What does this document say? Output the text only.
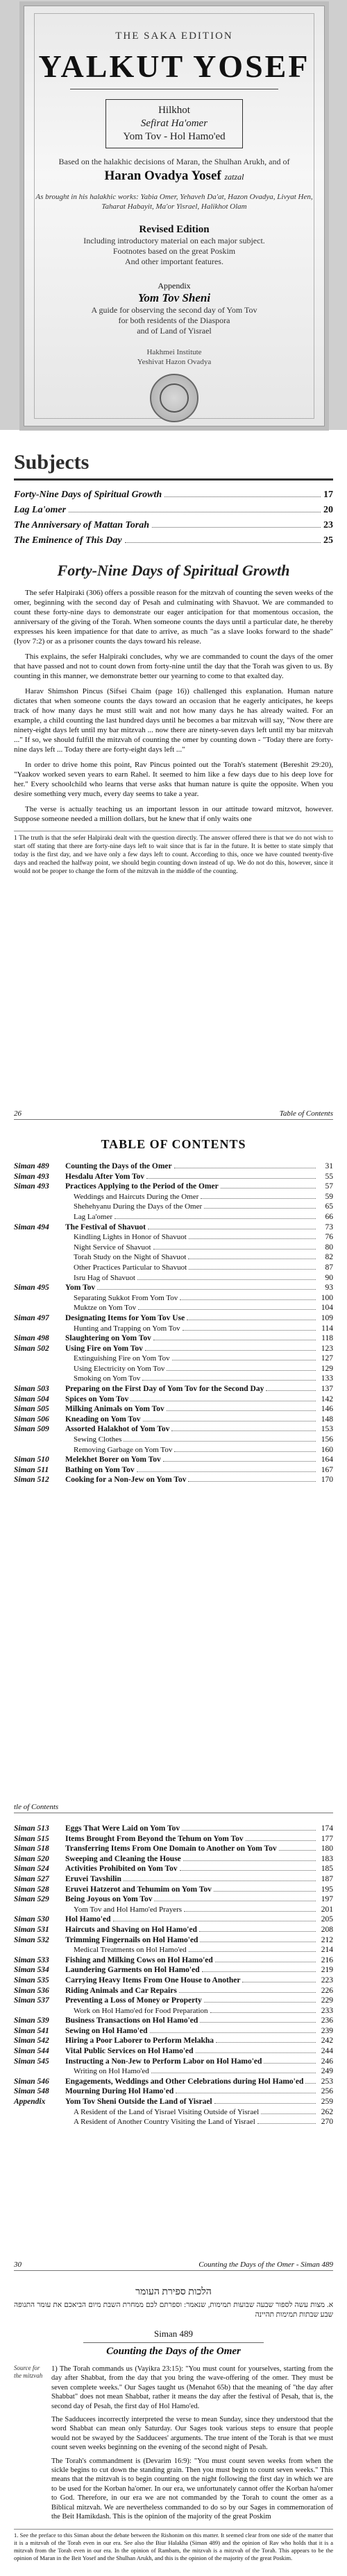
THE SAKA EDITION
YALKUT YOSEF
Hilkhot
Sefirat Ha'omer
Yom Tov - Hol Hamo'ed
Based on the halakhic decisions of Maran, the Shulhan Arukh, and of
Haran Ovadya Yosef zatzal
As brought in his halakhic works: Yabia Omer, Yehaveh Da'at, Hazon Ovadya, Livyat Hen, Taharat Habayit, Ma'or Yisrael, Halikhot Olam
Revised Edition
Including introductory material on each major subject.
Footnotes based on the great Poskim
And other important features.
Appendix
Yom Tov Sheni
A guide for observing the second day of Yom Tov
for both residents of the Diaspora
and of Land of Yisrael
Hakhmei Institute
Yeshivat Hazon Ovadya
Subjects
Forty-Nine Days of Spiritual Growth	17
Lag La'omer	20
The Anniversary of Mattan Torah	23
The Eminence of This Day	25
Forty-Nine Days of Spiritual Growth

The sefer Halpiraki (306) offers a possible reason for the mitzvah of counting the seven weeks of the omer, beginning with the second day of Pesah and culminating with Shavuot. We are commanded to count these forty-nine days to demonstrate our eager anticipation for that momentous occasion, the anniversary of the giving of the Torah. When someone counts the days until a particular date, he thereby expresses his keen impatience for that date to arrive, as much "as a slave looks forward to the shade" (Iyov 7:2) or as a prisoner counts the days toward his release.

This explains, the sefer Halpiraki concludes, why we are commanded to count the days of the omer that have passed and not to count down from forty-nine until the day that the Torah was given to us. By counting in this manner, we demonstrate better our yearning to come to that exalted day.

Harav Shimshon Pincus (Sifsei Chaim (page 16)) challenged this explanation. Human nature dictates that when someone counts the days toward an occasion that he eagerly anticipates, he keeps track of how many days he must still wait and not how many days he has already waited. For an example, a child counting the last hundred days until he becomes a bar mitzvah will say, "Now there are ninety-eight days left until my bar mitzvah ... now there are ninety-seven days left until my bar mitzvah ..." If so, we should fulfill the mitzvah of counting the omer by counting down - "Today there are forty-nine days left ... Today there are forty-eight days left ..."

In order to drive home this point, Rav Pincus pointed out the Torah's statement (Bereshit 29:20), "Yaakov worked seven years to earn Rahel. It seemed to him like a few days due to his deep love for her." Every schoolchild who learns that verse asks that human nature is quite the opposite. When you desire something very much, every day seems to take a year.

The verse is actually teaching us an important lesson in our attitude toward mitzvot, however. Suppose someone needed a million dollars, but he knew that if only waits one

1 The truth is that the sefer Halpiraki dealt with the question directly. The answer offered there is that we do not wish to start off stating that there are forty-nine days left to wait since that is far in the future. It is better to state simply that today is the first day, and we have only a few days left to count. According to this, once we have counted twenty-five days and reached the halfway point, we should begin counting down instead of up. We do not do this, however, since it would not be proper to change the form of the mitzvah in the middle of the counting.

26	Table of Contents
TABLE OF CONTENTS
Siman 489	Counting the Days of the Omer	31
Siman 493	Hesdalu After Yom Tov	55
Siman 493	Practices Applying to the Period of the Omer	57
Weddings and Haircuts During the Omer	59
Shehehyanu During the Days of the Omer	65
Lag La'omer	66
Siman 494	The Festival of Shavuot	73
Kindling Lights in Honor of Shavuot	76
Night Service of Shavuot	80
Torah Study on the Night of Shavuot	82
Other Practices Particular to Shavuot	87
Isru Hag of Shavuot	90
Siman 495	Yom Tov	93
Separating Sukkot From Yom Tov	100
Muktze on Yom Tov	104
Siman 497	Designating Items for Yom Tov Use	109
Hunting and Trapping on Yom Tov	114
Siman 498	Slaughtering on Yom Tov	118
Siman 502	Using Fire on Yom Tov	123
Extinguishing Fire on Yom Tov	127
Using Electricity on Yom Tov	129
Smoking on Yom Tov	133
Siman 503	Preparing on the First Day of Yom Tov for the Second Day	137
Siman 504	Spices on Yom Tov	142
Siman 505	Milking Animals on Yom Tov	146
Siman 506	Kneading on Yom Tov	148
Siman 509	Assorted Halakhot of Yom Tov	153
Sewing Clothes	156
Removing Garbage on Yom Tov	160
Siman 510	Melekhet Borer on Yom Tov	164
Siman 511	Bathing on Yom Tov	167
Siman 512	Cooking for a Non-Jew on Yom Tov	170
tle of Contents
Siman 513	Eggs That Were Laid on Yom Tov	174
Siman 515	Items Brought From Beyond the Tehum on Yom Tov	177
Siman 518	Transferring Items From One Domain to Another on Yom Tov	180
Siman 520	Sweeping and Cleaning the House	183
Siman 524	Activities Prohibited on Yom Tov	185
Siman 527	Eruvei Tavshilin	187
Siman 528	Eruvei Hatzerot and Tehumim on Yom Tov	195
Siman 529	Being Joyous on Yom Tov	197
Yom Tov and Hol Hamo'ed Prayers	201
Siman 530	Hol Hamo'ed	205
Siman 531	Haircuts and Shaving on Hol Hamo'ed	208
Siman 532	Trimming Fingernails on Hol Hamo'ed	212
Medical Treatments on Hol Hamo'ed	214
Siman 533	Fishing and Milking Cows on Hol Hamo'ed	216
Siman 534	Laundering Garments on Hol Hamo'ed	219
Siman 535	Carrying Heavy Items From One House to Another	223
Siman 536	Riding Animals and Car Repairs	226
Siman 537	Preventing a Loss of Money or Property	229
Work on Hol Hamo'ed for Food Preparation	233
Siman 539	Business Transactions on Hol Hamo'ed	236
Siman 541	Sewing on Hol Hamo'ed	239
Siman 542	Hiring a Poor Laborer to Perform Melakha	242
Siman 544	Vital Public Services on Hol Hamo'ed	244
Siman 545	Instructing a Non-Jew to Perform Labor on Hol Hamo'ed	246
Writing on Hol Hamo'ed	249
Siman 546	Engagements, Weddings and Other Celebrations during Hol Hamo'ed	253
Siman 548	Mourning During Hol Hamo'ed	256
Appendix	Yom Tov Sheni Outside the Land of Yisrael	259
A Resident of the Land of Yisrael Visiting Outside of Yisrael	262
A Resident of Another Country Visiting the Land of Yisrael	270
30	Counting the Days of the Omer - Siman 489
הלכות ספירת העומר
א. מצות עשה לספור שבעה שבועות תמימות, שנאמר: וספרתם לכם ממחרת השבת מיום הביאכם את עומר התנופה שבע שבתות תמימות תהיינה
Siman 489
Counting the Days of the Omer
Source for the mitzvah

1) The Torah commands us (Vayikra 23:15): "You must count for yourselves, starting from the day after Shabbat, from the day that you bring the wave-offering of the omer. They must be seven complete weeks." Our Sages taught us (Menahot 65b) that the meaning of "the day after Shabbat" does not mean Shabbat, rather it means the day after the festival of Pesah, that is, the second day of Pesah, the first day of Hol Hamo'ed.

The Sadducees incorrectly interpreted the verse to mean Sunday, since they understood that the word Shabbat can mean only Saturday. Our Sages took various steps to ensure that people would not be swayed by the Sadducees' arguments. The true intent of the Torah is that we must count seven weeks beginning on the evening of the second night of Pesah.

The Torah's commandment is (Devarim 16:9): "You must count seven weeks from when the sickle begins to cut down the standing grain. Then you must begin to count seven weeks." This means that the mitzvah is to begin counting on the night following the first day in which we are to be used for the Korban ha'omer. In our era, we unfortunately cannot offer the Korban ha'omer to God. Therefore, in our era we are not commanded by the Torah to count the omer as a Biblical mitzvah. We are nevertheless commanded to do so by our Sages in commemoration of the Beit Hamikdash. This is the opinion of the majority of the great Poskim

1. See the preface to this Siman about the debate between the Rishonim on this matter. It seemed clear from one side of the matter that it is a mitzvah of the Torah even in our era. See also the Biur Halakha (Siman 489) and the opinion of Rav who holds that it is a mitzvah from the Torah even in our era. In the opinion of Rambam, the mitzvah is a mitzvah of the Torah. This appears to be the opinion of Maran in the Beit Yosef and the Shulhan Arukh, and this is the opinion of the majority of the great Poskim.
